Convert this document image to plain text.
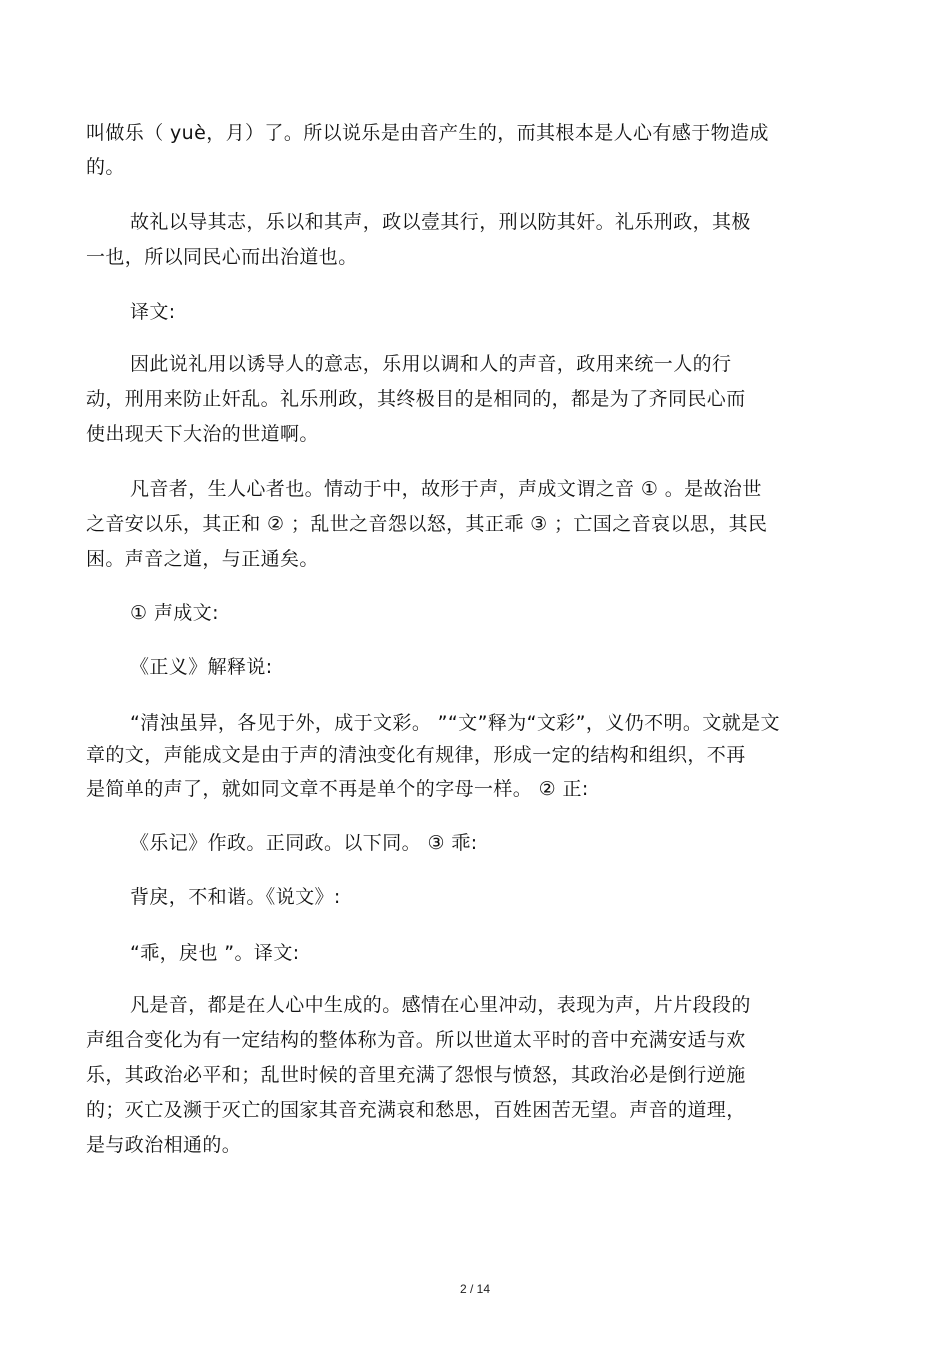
叫做乐（ yuè，月）了。所以说乐是由音产生的，而其根本是人心有感于物造成
的。
故礼以导其志，乐以和其声，政以壹其行，刑以防其奸。礼乐刑政，其极
一也，所以同民心而出治道也。
译文:
因此说礼用以诱导人的意志，乐用以调和人的声音，政用来统一人的行
动，刑用来防止奸乱。礼乐刑政，其终极目的是相同的，都是为了齐同民心而
使出现天下大治的世道啊。
凡音者，生人心者也。情动于中，故形于声，声成文谓之音 ① 。是故治世
之音安以乐，其正和 ② ；乱世之音怨以怒，其正乖 ③ ；亡国之音哀以思，其民
困。声音之道，与正通矣。
① 声成文:
《正义》解释说:
“清浊虽异，各见于外，成于文彩。 ”“文”释为“文彩”，义仍不明。文就是文
章的文，声能成文是由于声的清浊变化有规律，形成一定的结构和组织，不再
是简单的声了，就如同文章不再是单个的字母一样。 ② 正:
《乐记》作政。正同政。以下同。 ③ 乖:
背戾，不和谐。《说文》:
“乖，戾也 ”。译文:
凡是音，都是在人心中生成的。感情在心里冲动，表现为声，片片段段的
声组合变化为有一定结构的整体称为音。所以世道太平时的音中充满安适与欢
乐，其政治必平和；乱世时候的音里充满了怨恨与愤怒，其政治必是倒行逆施
的；灭亡及濒于灭亡的国家其音充满哀和愁思，百姓困苦无望。声音的道理，
是与政治相通的。
2 / 14
